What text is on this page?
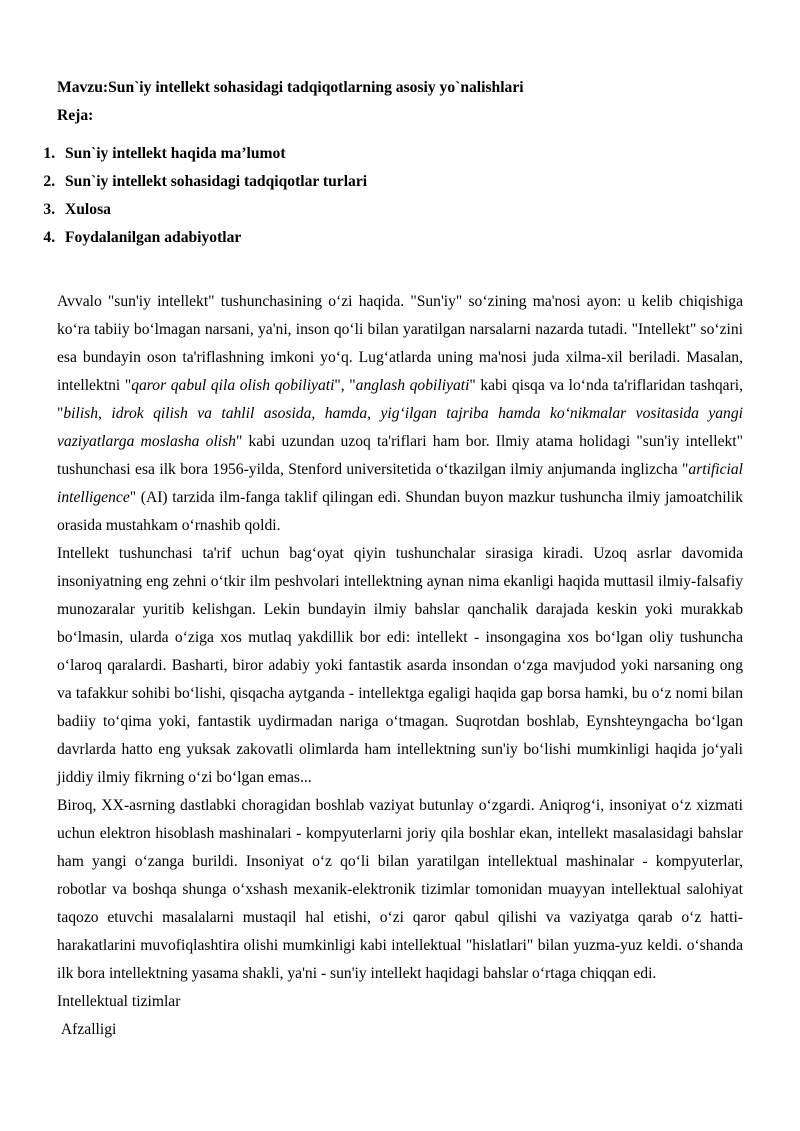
Mavzu:Sun`iy intellekt sohasidagi tadqiqotlarning asosiy yo`nalishlari
Reja:
1. Sun`iy intellekt haqida ma’lumot
2. Sun`iy intellekt sohasidagi tadqiqotlar turlari
3. Xulosa
4. Foydalanilgan adabiyotlar

Avvalo "sun'iy intellekt" tushunchasining o‘zi haqida. "Sun'iy" so‘zining ma'nosi ayon: u kelib chiqishiga ko‘ra tabiiy bo‘lmagan narsani, ya'ni, inson qo‘li bilan yaratilgan narsalarni nazarda tutadi. "Intellekt" so‘zini esa bundayin oson ta'riflashning imkoni yo‘q. Lug‘atlarda uning ma'nosi juda xilma-xil beriladi. Masalan, intellektni "qaror qabul qila olish qobiliyati", "anglash qobiliyati" kabi qisqa va lo‘nda ta'riflaridan tashqari, "bilish, idrok qilish va tahlil asosida, hamda, yig‘ilgan tajriba hamda ko‘nikmalar vositasida yangi vaziyatlarga moslasha olish" kabi uzundan uzoq ta'riflari ham bor. Ilmiy atama holidagi "sun'iy intellekt" tushunchasi esa ilk bora 1956-yilda, Stenford universitetida o‘tkazilgan ilmiy anjumanda inglizcha "artificial intelligence" (AI) tarzida ilm-fanga taklif qilingan edi. Shundan buyon mazkur tushuncha ilmiy jamoatchilik orasida mustahkam o‘rnashib qoldi.

Intellekt tushunchasi ta'rif uchun bag‘oyat qiyin tushunchalar sirasiga kiradi. Uzoq asrlar davomida insoniyatning eng zehni o‘tkir ilm peshvolari intellektning aynan nima ekanligi haqida muttasil ilmiy-falsafiy munozaralar yuritib kelishgan. Lekin bundayin ilmiy bahslar qanchalik darajada keskin yoki murakkab bo‘lmasin, ularda o‘ziga xos mutlaq yakdillik bor edi: intellekt - insongagina xos bo‘lgan oliy tushuncha o‘laroq qaralardi. Basharti, biror adabiy yoki fantastik asarda insondan o‘zga mavjudod yoki narsaning ong va tafakkur sohibi bo‘lishi, qisqacha aytganda - intellektga egaligi haqida gap borsa hamki, bu o‘z nomi bilan badiiy to‘qima yoki, fantastik uydirmadan nariga o‘tmagan. Suqrotdan boshlab, Eynshteyngacha bo‘lgan davrlarda hatto eng yuksak zakovatli olimlarda ham intellektning sun'iy bo‘lishi mumkinligi haqida jo‘yali jiddiy ilmiy fikrning o‘zi bo‘lgan emas...

Biroq, XX-asrning dastlabki choragidan boshlab vaziyat butunlay o‘zgardi. Aniqrog‘i, insoniyat o‘z xizmati uchun elektron hisoblash mashinalari - kompyuterlarni joriy qila boshlar ekan, intellekt masalasidagi bahslar ham yangi o‘zanga burildi. Insoniyat o‘z qo‘li bilan yaratilgan intellektual mashinalar - kompyuterlar, robotlar va boshqa shunga o‘xshash mexanik-elektronik tizimlar tomonidan muayyan intellektual salohiyat taqozo etuvchi masalalarni mustaqil hal etishi, o‘zi qaror qabul qilishi va vaziyatga qarab o‘z hatti-harakatlarini muvofiqlashtira olishi mumkinligi kabi intellektual "hislatlari" bilan yuzma-yuz keldi. o‘shanda ilk bora intellektning yasama shakli, ya'ni - sun'iy intellekt haqidagi bahslar o‘rtaga chiqqan edi.

Intellektual tizimlar

Afzalligi
